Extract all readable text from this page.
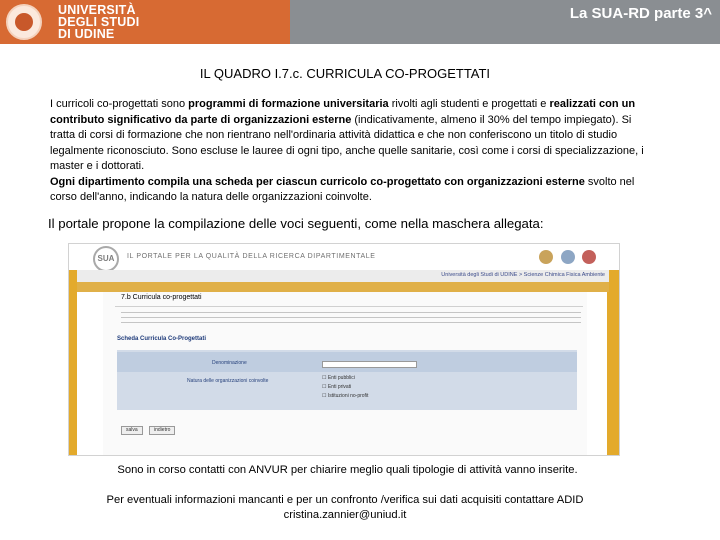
UNIVERSITÀ
DEGLI STUDI
DI UDINE
La SUA-RD parte 3^
IL QUADRO I.7.c. CURRICULA CO-PROGETTATI
I curricoli co-progettati sono programmi di formazione universitaria rivolti agli studenti e progettati e realizzati con un contributo significativo da parte di organizzazioni esterne (indicativamente, almeno il 30% del tempo impiegato). Si tratta di corsi di formazione che non rientrano nell'ordinaria attività didattica e che non conferiscono un titolo di studio legalmente riconosciuto. Sono escluse le lauree di ogni tipo, anche quelle sanitarie, così come i corsi di specializzazione, i master e i dottorati.
Ogni dipartimento compila una scheda per ciascun curricolo co-progettato con organizzazioni esterne svolto nel corso dell'anno, indicando la natura delle organizzazioni coinvolte.
Il portale propone la compilazione delle voci seguenti, come nella maschera allegata:
SUA	IL PORTALE PER LA QUALITÀ DELLA RICERCA DIPARTIMENTALE
Università degli Studi di UDINE > Scienze Chimica Fisica Ambiente
7.b Curricula co-progettati
Scheda Curricula Co-Progettati
Denominazione
Natura delle organizzazioni coinvolte	☐ Enti pubblici
☐ Enti privati
☐ Istituzioni no-profit
salva	indietro
Sono in corso contatti con ANVUR per chiarire meglio quali tipologie di attività vanno inserite.
Per eventuali informazioni mancanti e per un confronto /verifica sui dati acquisiti contattare ADID
cristina.zannier@uniud.it
